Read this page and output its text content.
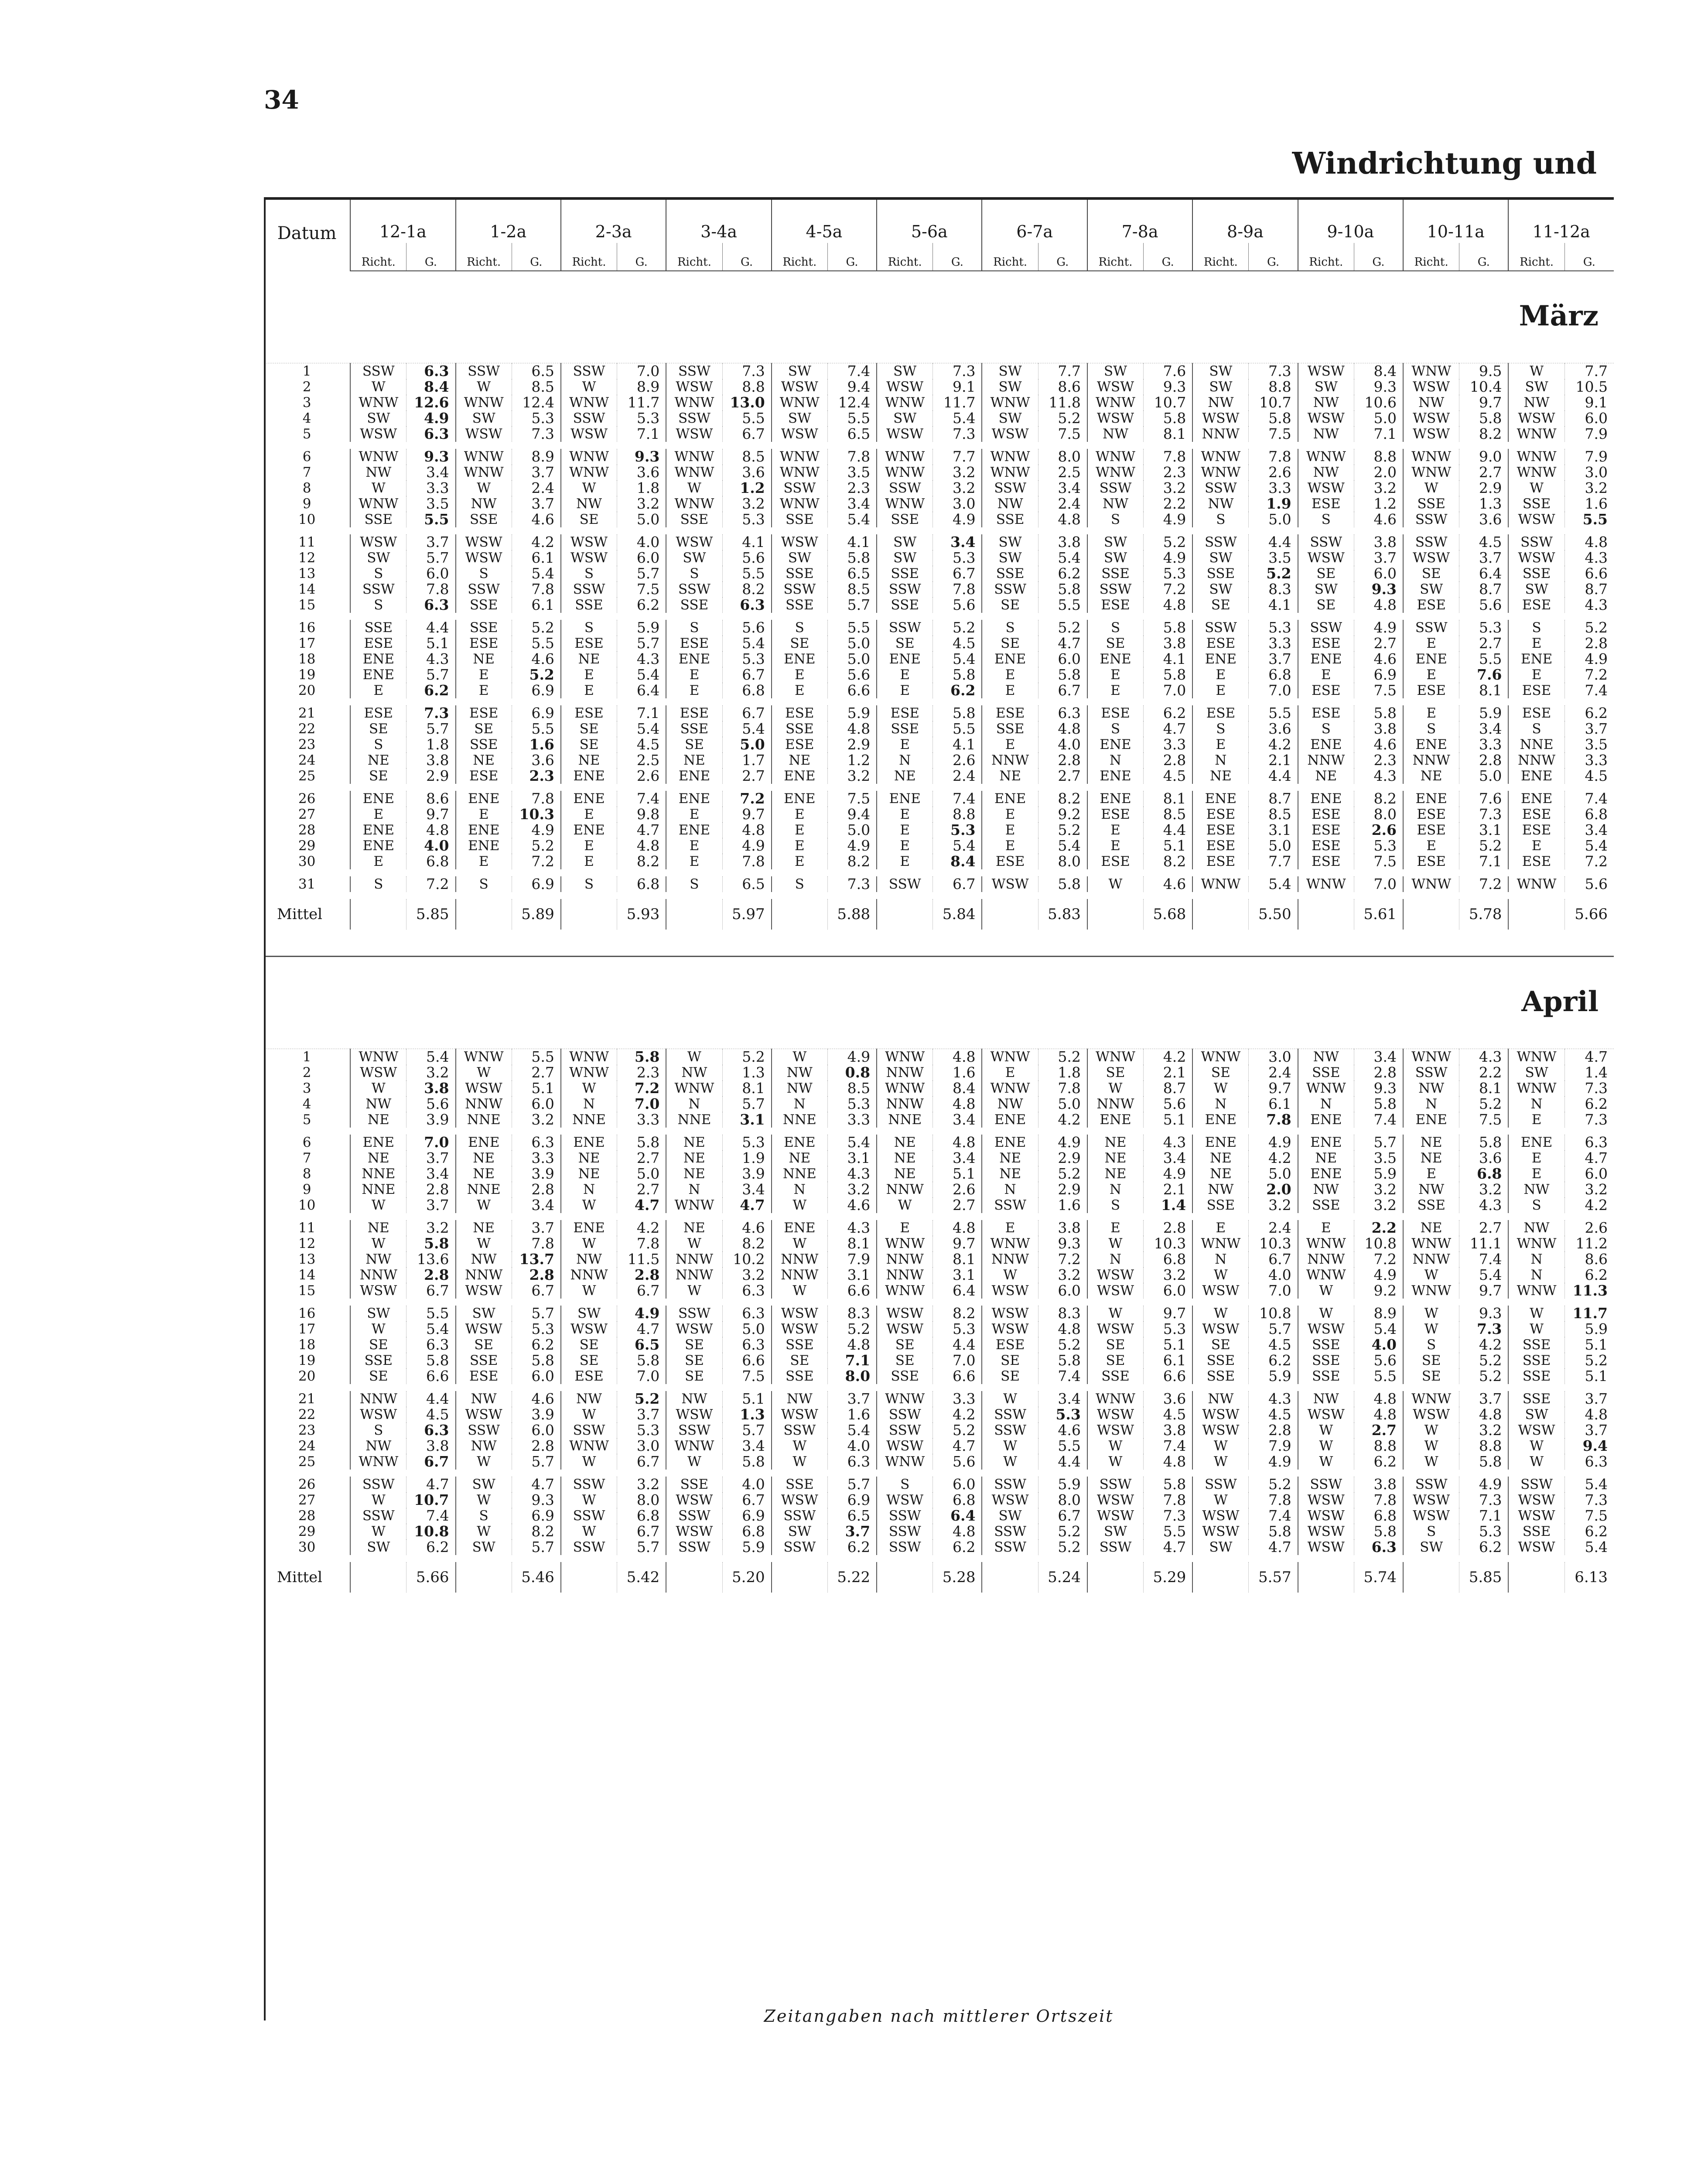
34
Windrichtung und
Datum	12-1a		1-2a		2-3a		3-4a		4-5a		5-6a		6-7a		7-8a		8-9a		9-10a		10-11a		11-12a	
	Richt.	G.	Richt.	G.	Richt.	G.	Richt.	G.	Richt.	G.	Richt.	G.	Richt.	G.	Richt.	G.	Richt.	G.	Richt.	G.	Richt.	G.	Richt.	G.

März																								

1	SSW	6.3	SSW	6.5	SSW	7.0	SSW	7.3	SW	7.4	SW	7.3	SW	7.7	SW	7.6	SW	7.3	WSW	8.4	WNW	9.5	W	7.7
2	W	8.4	W	8.5	W	8.9	WSW	8.8	WSW	9.4	WSW	9.1	SW	8.6	WSW	9.3	SW	8.8	SW	9.3	WSW	10.4	SW	10.5
3	WNW	12.6	WNW	12.4	WNW	11.7	WNW	13.0	WNW	12.4	WNW	11.7	WNW	11.8	WNW	10.7	NW	10.7	NW	10.6	NW	9.7	NW	9.1
4	SW	4.9	SW	5.3	SSW	5.3	SSW	5.5	SW	5.5	SW	5.4	SW	5.2	WSW	5.8	WSW	5.8	WSW	5.0	WSW	5.8	WSW	6.0
5	WSW	6.3	WSW	7.3	WSW	7.1	WSW	6.7	WSW	6.5	WSW	7.3	WSW	7.5	NW	8.1	NNW	7.5	NW	7.1	WSW	8.2	WNW	7.9

6	WNW	9.3	WNW	8.9	WNW	9.3	WNW	8.5	WNW	7.8	WNW	7.7	WNW	8.0	WNW	7.8	WNW	7.8	WNW	8.8	WNW	9.0	WNW	7.9
7	NW	3.4	WNW	3.7	WNW	3.6	WNW	3.6	WNW	3.5	WNW	3.2	WNW	2.5	WNW	2.3	WNW	2.6	NW	2.0	WNW	2.7	WNW	3.0
8	W	3.3	W	2.4	W	1.8	W	1.2	SSW	2.3	SSW	3.2	SSW	3.4	SSW	3.2	SSW	3.3	WSW	3.2	W	2.9	W	3.2
9	WNW	3.5	NW	3.7	NW	3.2	WNW	3.2	WNW	3.4	WNW	3.0	NW	2.4	NW	2.2	NW	1.9	ESE	1.2	SSE	1.3	SSE	1.6
10	SSE	5.5	SSE	4.6	SE	5.0	SSE	5.3	SSE	5.4	SSE	4.9	SSE	4.8	S	4.9	S	5.0	S	4.6	SSW	3.6	WSW	5.5

11	WSW	3.7	WSW	4.2	WSW	4.0	WSW	4.1	WSW	4.1	SW	3.4	SW	3.8	SW	5.2	SSW	4.4	SSW	3.8	SSW	4.5	SSW	4.8
12	SW	5.7	WSW	6.1	WSW	6.0	SW	5.6	SW	5.8	SW	5.3	SW	5.4	SW	4.9	SW	3.5	WSW	3.7	WSW	3.7	WSW	4.3
13	S	6.0	S	5.4	S	5.7	S	5.5	SSE	6.5	SSE	6.7	SSE	6.2	SSE	5.3	SSE	5.2	SE	6.0	SE	6.4	SSE	6.6
14	SSW	7.8	SSW	7.8	SSW	7.5	SSW	8.2	SSW	8.5	SSW	7.8	SSW	5.8	SSW	7.2	SW	8.3	SW	9.3	SW	8.7	SW	8.7
15	S	6.3	SSE	6.1	SSE	6.2	SSE	6.3	SSE	5.7	SSE	5.6	SE	5.5	ESE	4.8	SE	4.1	SE	4.8	ESE	5.6	ESE	4.3

16	SSE	4.4	SSE	5.2	S	5.9	S	5.6	S	5.5	SSW	5.2	S	5.2	S	5.8	SSW	5.3	SSW	4.9	SSW	5.3	S	5.2
17	ESE	5.1	ESE	5.5	ESE	5.7	ESE	5.4	SE	5.0	SE	4.5	SE	4.7	SE	3.8	ESE	3.3	ESE	2.7	E	2.7	E	2.8
18	ENE	4.3	NE	4.6	NE	4.3	ENE	5.3	ENE	5.0	ENE	5.4	ENE	6.0	ENE	4.1	ENE	3.7	ENE	4.6	ENE	5.5	ENE	4.9
19	ENE	5.7	E	5.2	E	5.4	E	6.7	E	5.6	E	5.8	E	5.8	E	5.8	E	6.8	E	6.9	E	7.6	E	7.2
20	E	6.2	E	6.9	E	6.4	E	6.8	E	6.6	E	6.2	E	6.7	E	7.0	E	7.0	ESE	7.5	ESE	8.1	ESE	7.4

21	ESE	7.3	ESE	6.9	ESE	7.1	ESE	6.7	ESE	5.9	ESE	5.8	ESE	6.3	ESE	6.2	ESE	5.5	ESE	5.8	E	5.9	ESE	6.2
22	SE	5.7	SE	5.5	SE	5.4	SSE	5.4	SSE	4.8	SSE	5.5	SSE	4.8	S	4.7	S	3.6	S	3.8	S	3.4	S	3.7
23	S	1.8	SSE	1.6	SE	4.5	SE	5.0	ESE	2.9	E	4.1	E	4.0	ENE	3.3	E	4.2	ENE	4.6	ENE	3.3	NNE	3.5
24	NE	3.8	NE	3.6	NE	2.5	NE	1.7	NE	1.2	N	2.6	NNW	2.8	N	2.8	N	2.1	NNW	2.3	NNW	2.8	NNW	3.3
25	SE	2.9	ESE	2.3	ENE	2.6	ENE	2.7	ENE	3.2	NE	2.4	NE	2.7	ENE	4.5	NE	4.4	NE	4.3	NE	5.0	ENE	4.5

26	ENE	8.6	ENE	7.8	ENE	7.4	ENE	7.2	ENE	7.5	ENE	7.4	ENE	8.2	ENE	8.1	ENE	8.7	ENE	8.2	ENE	7.6	ENE	7.4
27	E	9.7	E	10.3	E	9.8	E	9.7	E	9.4	E	8.8	E	9.2	ESE	8.5	ESE	8.5	ESE	8.0	ESE	7.3	ESE	6.8
28	ENE	4.8	ENE	4.9	ENE	4.7	ENE	4.8	E	5.0	E	5.3	E	5.2	E	4.4	ESE	3.1	ESE	2.6	ESE	3.1	ESE	3.4
29	ENE	4.0	ENE	5.2	E	4.8	E	4.9	E	4.9	E	5.4	E	5.4	E	5.1	ESE	5.0	ESE	5.3	E	5.2	E	5.4
30	E	6.8	E	7.2	E	8.2	E	7.8	E	8.2	E	8.4	ESE	8.0	ESE	8.2	ESE	7.7	ESE	7.5	ESE	7.1	ESE	7.2

31	S	7.2	S	6.9	S	6.8	S	6.5	S	7.3	SSW	6.7	WSW	5.8	W	4.6	WNW	5.4	WNW	7.0	WNW	7.2	WNW	5.6

Mittel		5.85		5.89		5.93		5.97		5.88		5.84		5.83		5.68		5.50		5.61		5.78		5.66

April																								

1	WNW	5.4	WNW	5.5	WNW	5.8	W	5.2	W	4.9	WNW	4.8	WNW	5.2	WNW	4.2	WNW	3.0	NW	3.4	WNW	4.3	WNW	4.7
2	WSW	3.2	W	2.7	WNW	2.3	NW	1.3	NW	0.8	NNW	1.6	E	1.8	SE	2.1	SE	2.4	SSE	2.8	SSW	2.2	SW	1.4
3	W	3.8	WSW	5.1	W	7.2	WNW	8.1	NW	8.5	WNW	8.4	WNW	7.8	W	8.7	W	9.7	WNW	9.3	NW	8.1	WNW	7.3
4	NW	5.6	NNW	6.0	N	7.0	N	5.7	N	5.3	NNW	4.8	NW	5.0	NNW	5.6	N	6.1	N	5.8	N	5.2	N	6.2
5	NE	3.9	NNE	3.2	NNE	3.3	NNE	3.1	NNE	3.3	NNE	3.4	ENE	4.2	ENE	5.1	ENE	7.8	ENE	7.4	ENE	7.5	E	7.3

6	ENE	7.0	ENE	6.3	ENE	5.8	NE	5.3	ENE	5.4	NE	4.8	ENE	4.9	NE	4.3	ENE	4.9	ENE	5.7	NE	5.8	ENE	6.3
7	NE	3.7	NE	3.3	NE	2.7	NE	1.9	NE	3.1	NE	3.4	NE	2.9	NE	3.4	NE	4.2	NE	3.5	NE	3.6	E	4.7
8	NNE	3.4	NE	3.9	NE	5.0	NE	3.9	NNE	4.3	NE	5.1	NE	5.2	NE	4.9	NE	5.0	ENE	5.9	E	6.8	E	6.0
9	NNE	2.8	NNE	2.8	N	2.7	N	3.4	N	3.2	NNW	2.6	N	2.9	N	2.1	NW	2.0	NW	3.2	NW	3.2	NW	3.2
10	W	3.7	W	3.4	W	4.7	WNW	4.7	W	4.6	W	2.7	SSW	1.6	S	1.4	SSE	3.2	SSE	3.2	SSE	4.3	S	4.2

11	NE	3.2	NE	3.7	ENE	4.2	NE	4.6	ENE	4.3	E	4.8	E	3.8	E	2.8	E	2.4	E	2.2	NE	2.7	NW	2.6
12	W	5.8	W	7.8	W	7.8	W	8.2	W	8.1	WNW	9.7	WNW	9.3	W	10.3	WNW	10.3	WNW	10.8	WNW	11.1	WNW	11.2
13	NW	13.6	NW	13.7	NW	11.5	NNW	10.2	NNW	7.9	NNW	8.1	NNW	7.2	N	6.8	N	6.7	NNW	7.2	NNW	7.4	N	8.6
14	NNW	2.8	NNW	2.8	NNW	2.8	NNW	3.2	NNW	3.1	NNW	3.1	W	3.2	WSW	3.2	W	4.0	WNW	4.9	W	5.4	N	6.2
15	WSW	6.7	WSW	6.7	W	6.7	W	6.3	W	6.6	WNW	6.4	WSW	6.0	WSW	6.0	WSW	7.0	W	9.2	WNW	9.7	WNW	11.3

16	SW	5.5	SW	5.7	SW	4.9	SSW	6.3	WSW	8.3	WSW	8.2	WSW	8.3	W	9.7	W	10.8	W	8.9	W	9.3	W	11.7
17	W	5.4	WSW	5.3	WSW	4.7	WSW	5.0	WSW	5.2	WSW	5.3	WSW	4.8	WSW	5.3	WSW	5.7	WSW	5.4	W	7.3	W	5.9
18	SE	6.3	SE	6.2	SE	6.5	SE	6.3	SSE	4.8	SE	4.4	ESE	5.2	SE	5.1	SE	4.5	SSE	4.0	S	4.2	SSE	5.1
19	SSE	5.8	SSE	5.8	SE	5.8	SE	6.6	SE	7.1	SE	7.0	SE	5.8	SE	6.1	SSE	6.2	SSE	5.6	SE	5.2	SSE	5.2
20	SE	6.6	ESE	6.0	ESE	7.0	SE	7.5	SSE	8.0	SSE	6.6	SE	7.4	SSE	6.6	SSE	5.9	SSE	5.5	SE	5.2	SSE	5.1

21	NNW	4.4	NW	4.6	NW	5.2	NW	5.1	NW	3.7	WNW	3.3	W	3.4	WNW	3.6	NW	4.3	NW	4.8	WNW	3.7	SSE	3.7
22	WSW	4.5	WSW	3.9	W	3.7	WSW	1.3	WSW	1.6	SSW	4.2	SSW	5.3	WSW	4.5	WSW	4.5	WSW	4.8	WSW	4.8	SW	4.8
23	S	6.3	SSW	6.0	SSW	5.3	SSW	5.7	SSW	5.4	SSW	5.2	SSW	4.6	WSW	3.8	WSW	2.8	W	2.7	W	3.2	WSW	3.7
24	NW	3.8	NW	2.8	WNW	3.0	WNW	3.4	W	4.0	WSW	4.7	W	5.5	W	7.4	W	7.9	W	8.8	W	8.8	W	9.4
25	WNW	6.7	W	5.7	W	6.7	W	5.8	W	6.3	WNW	5.6	W	4.4	W	4.8	W	4.9	W	6.2	W	5.8	W	6.3

26	SSW	4.7	SW	4.7	SSW	3.2	SSE	4.0	SSE	5.7	S	6.0	SSW	5.9	SSW	5.8	SSW	5.2	SSW	3.8	SSW	4.9	SSW	5.4
27	W	10.7	W	9.3	W	8.0	WSW	6.7	WSW	6.9	WSW	6.8	WSW	8.0	WSW	7.8	W	7.8	WSW	7.8	WSW	7.3	WSW	7.3
28	SSW	7.4	S	6.9	SSW	6.8	SSW	6.9	SSW	6.5	SSW	6.4	SW	6.7	WSW	7.3	WSW	7.4	WSW	6.8	WSW	7.1	WSW	7.5
29	W	10.8	W	8.2	W	6.7	WSW	6.8	SW	3.7	SSW	4.8	SSW	5.2	SW	5.5	WSW	5.8	WSW	5.8	S	5.3	SSE	6.2
30	SW	6.2	SW	5.7	SSW	5.7	SSW	5.9	SSW	6.2	SSW	6.2	SSW	5.2	SSW	4.7	SW	4.7	WSW	6.3	SW	6.2	WSW	5.4

Mittel		5.66		5.46		5.42		5.20		5.22		5.28		5.24		5.29		5.57		5.74		5.85		6.13

Zeitangaben nach mittlerer Ortszeit
